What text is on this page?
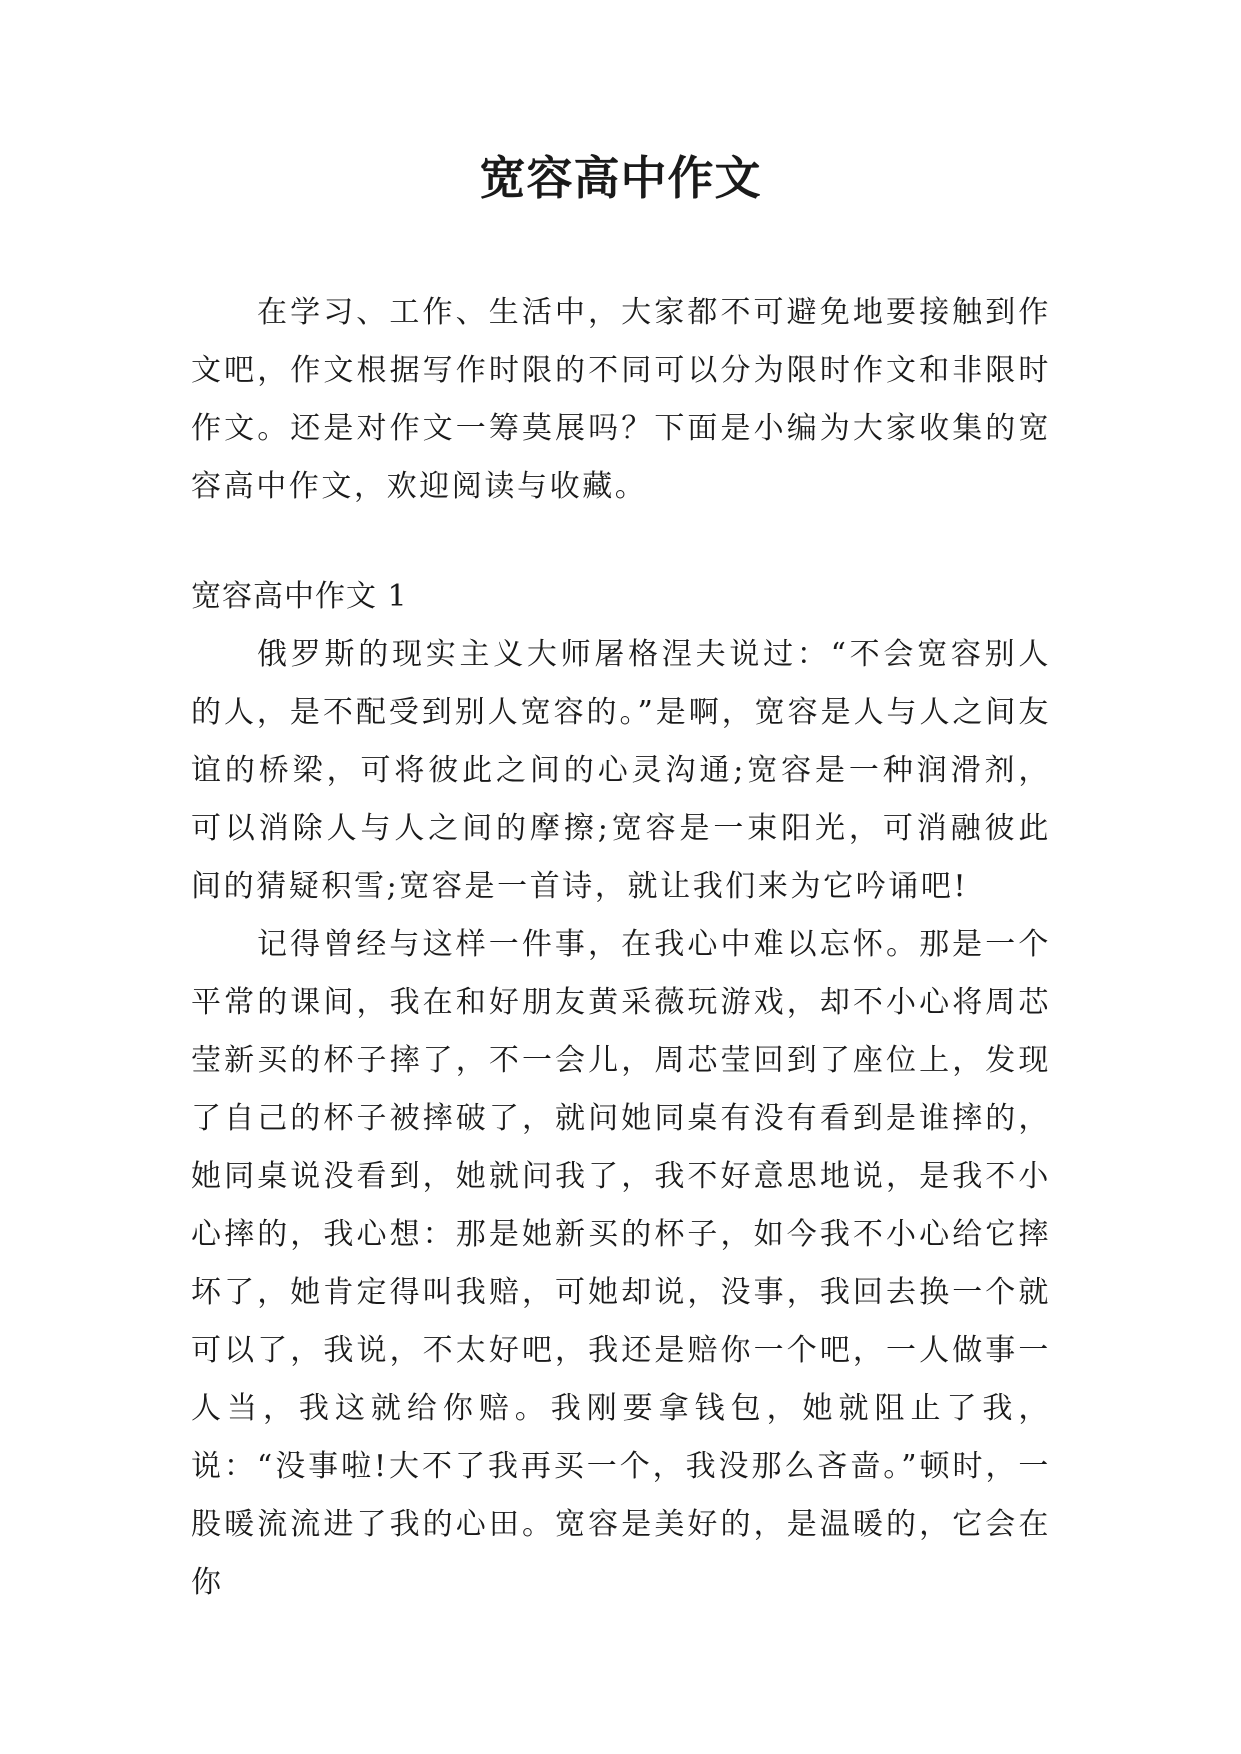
宽容高中作文

在学习、工作、生活中，大家都不可避免地要接触到作文吧，作文根据写作时限的不同可以分为限时作文和非限时作文。还是对作文一筹莫展吗？下面是小编为大家收集的宽容高中作文，欢迎阅读与收藏。

宽容高中作文 1

俄罗斯的现实主义大师屠格涅夫说过：“不会宽容别人的人，是不配受到别人宽容的。”是啊，宽容是人与人之间友谊的桥梁，可将彼此之间的心灵沟通;宽容是一种润滑剂，可以消除人与人之间的摩擦;宽容是一束阳光，可消融彼此间的猜疑积雪;宽容是一首诗，就让我们来为它吟诵吧!

记得曾经与这样一件事，在我心中难以忘怀。那是一个平常的课间，我在和好朋友黄采薇玩游戏，却不小心将周芯莹新买的杯子摔了，不一会儿，周芯莹回到了座位上，发现了自己的杯子被摔破了，就问她同桌有没有看到是谁摔的，她同桌说没看到，她就问我了，我不好意思地说，是我不小心摔的，我心想：那是她新买的杯子，如今我不小心给它摔坏了，她肯定得叫我赔，可她却说，没事，我回去换一个就可以了，我说，不太好吧，我还是赔你一个吧，一人做事一人当，我这就给你赔。我刚要拿钱包，她就阻止了我，说：“没事啦!大不了我再买一个，我没那么吝啬。”顿时，一股暖流流进了我的心田。宽容是美好的，是温暖的，它会在你
